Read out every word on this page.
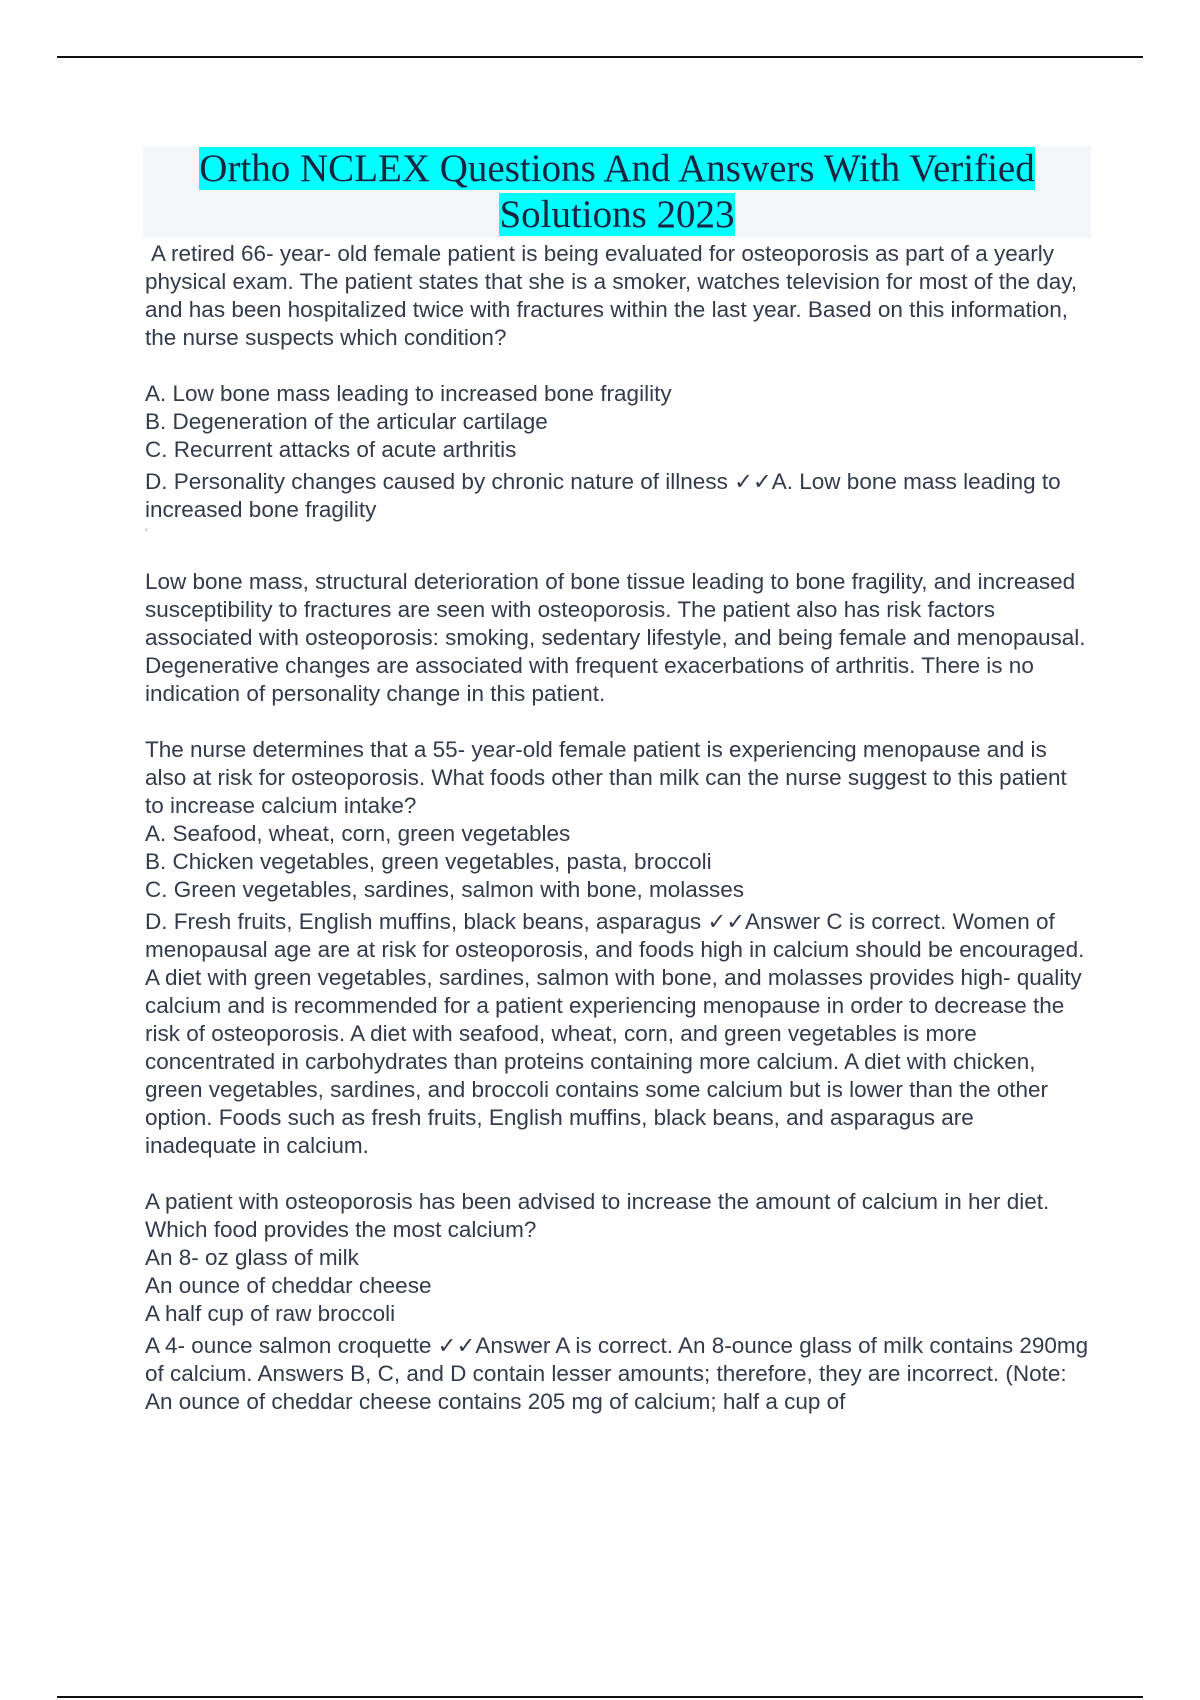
Ortho NCLEX Questions And Answers With Verified
Solutions 2023

A retired 66- year- old female patient is being evaluated for osteoporosis as part of a yearly physical exam. The patient states that she is a smoker, watches television for most of the day, and has been hospitalized twice with fractures within the last year. Based on this information, the nurse suspects which condition?

A. Low bone mass leading to increased bone fragility

B. Degeneration of the articular cartilage

C. Recurrent attacks of acute arthritis

D. Personality changes caused by chronic nature of illness ✓✓A. Low bone mass leading to increased bone fragility

'

Low bone mass, structural deterioration of bone tissue leading to bone fragility, and increased susceptibility to fractures are seen with osteoporosis. The patient also has risk factors associated with osteoporosis: smoking, sedentary lifestyle, and being female and menopausal. Degenerative changes are associated with frequent exacerbations of arthritis. There is no indication of personality change in this patient.

The nurse determines that a 55- year-old female patient is experiencing menopause and is also at risk for osteoporosis. What foods other than milk can the nurse suggest to this patient to increase calcium intake?

A. Seafood, wheat, corn, green vegetables

B. Chicken vegetables, green vegetables, pasta, broccoli

C. Green vegetables, sardines, salmon with bone, molasses

D. Fresh fruits, English muffins, black beans, asparagus ✓✓Answer C is correct. Women of menopausal age are at risk for osteoporosis, and foods high in calcium should be encouraged. A diet with green vegetables, sardines, salmon with bone, and molasses provides high- quality calcium and is recommended for a patient experiencing menopause in order to decrease the risk of osteoporosis. A diet with seafood, wheat, corn, and green vegetables is more concentrated in carbohydrates than proteins containing more calcium. A diet with chicken, green vegetables, sardines, and broccoli contains some calcium but is lower than the other option. Foods such as fresh fruits, English muffins, black beans, and asparagus are inadequate in calcium.

A patient with osteoporosis has been advised to increase the amount of calcium in her diet. Which food provides the most calcium?

An 8- oz glass of milk

An ounce of cheddar cheese

A half cup of raw broccoli

A 4- ounce salmon croquette ✓✓Answer A is correct. An 8-ounce glass of milk contains 290mg of calcium. Answers B, C, and D contain lesser amounts; therefore, they are incorrect. (Note: An ounce of cheddar cheese contains 205 mg of calcium; half a cup of
